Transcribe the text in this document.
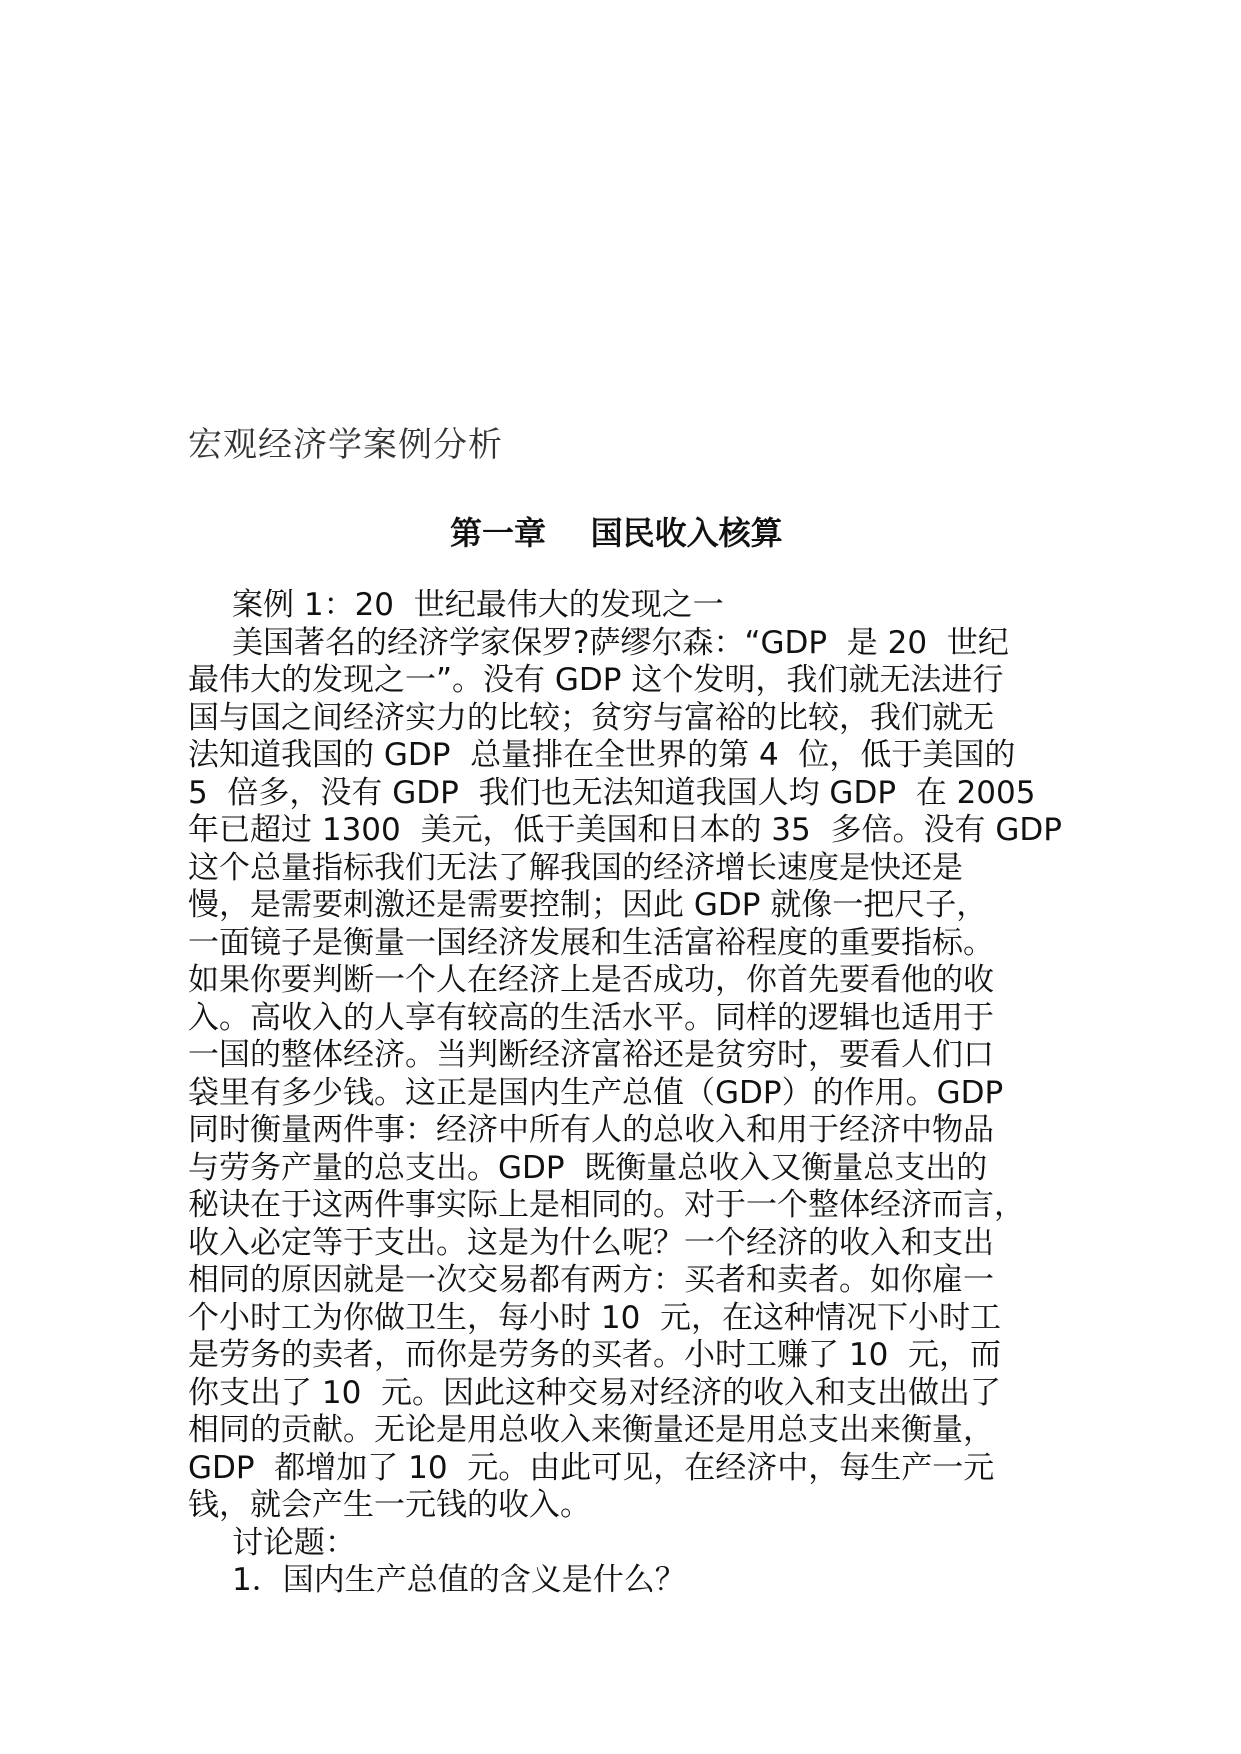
宏观经济学案例分析
第一章    国民收入核算
案例 1：20  世纪最伟大的发现之一
美国著名的经济学家保罗?萨缪尔森：“GDP  是 20  世纪
最伟大的发现之一”。没有 GDP 这个发明，我们就无法进行
国与国之间经济实力的比较；贫穷与富裕的比较，我们就无
法知道我国的 GDP  总量排在全世界的第 4  位，低于美国的
5  倍多，没有 GDP  我们也无法知道我国人均 GDP  在 2005
年已超过 1300  美元，低于美国和日本的 35  多倍。没有 GDP
这个总量指标我们无法了解我国的经济增长速度是快还是
慢，是需要刺激还是需要控制；因此 GDP 就像一把尺子，
一面镜子是衡量一国经济发展和生活富裕程度的重要指标。
如果你要判断一个人在经济上是否成功，你首先要看他的收
入。高收入的人享有较高的生活水平。同样的逻辑也适用于
一国的整体经济。当判断经济富裕还是贫穷时，要看人们口
袋里有多少钱。这正是国内生产总值（GDP）的作用。GDP
同时衡量两件事：经济中所有人的总收入和用于经济中物品
与劳务产量的总支出。GDP  既衡量总收入又衡量总支出的
秘诀在于这两件事实际上是相同的。对于一个整体经济而言，
收入必定等于支出。这是为什么呢？一个经济的收入和支出
相同的原因就是一次交易都有两方：买者和卖者。如你雇一
个小时工为你做卫生，每小时 10  元，在这种情况下小时工
是劳务的卖者，而你是劳务的买者。小时工赚了 10  元，而
你支出了 10  元。因此这种交易对经济的收入和支出做出了
相同的贡献。无论是用总收入来衡量还是用总支出来衡量，
GDP  都增加了 10  元。由此可见，在经济中，每生产一元
钱，就会产生一元钱的收入。
讨论题：
1．国内生产总值的含义是什么？
